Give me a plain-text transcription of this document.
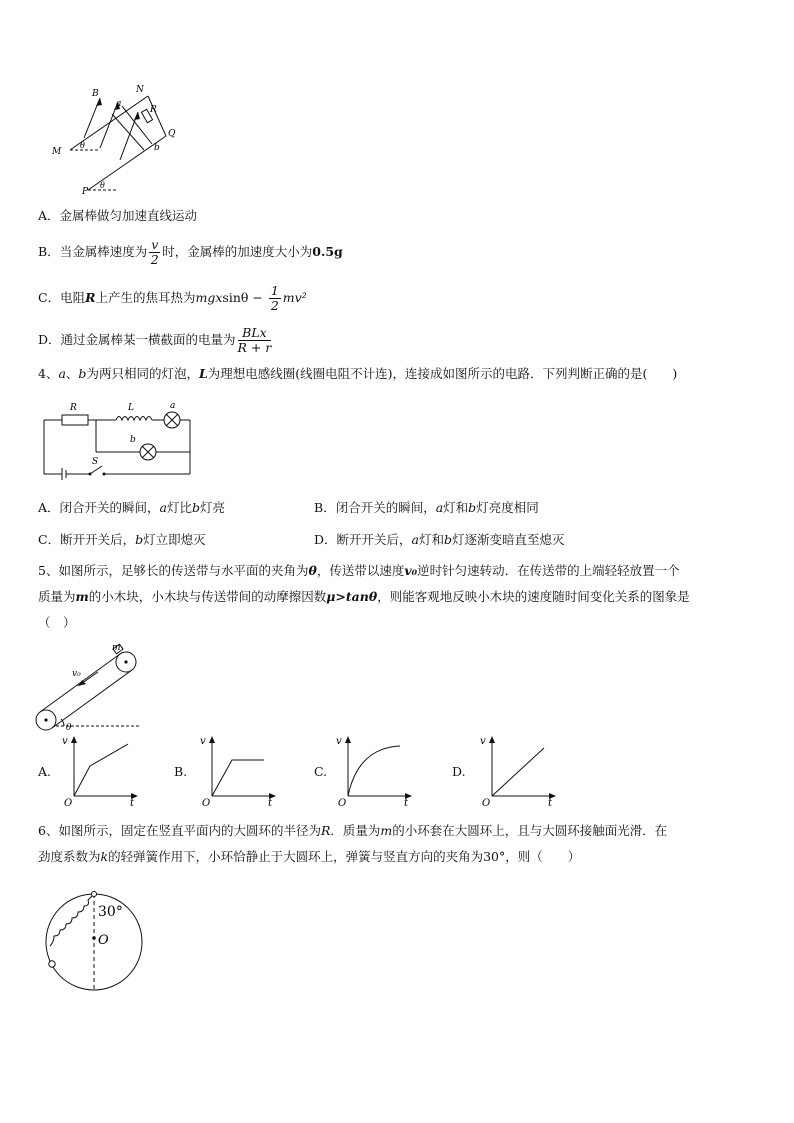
B
a
N
R
Q
M
θ	b
P
θ
A．金属棒做匀加速直线运动
B．当金属棒速度为 $\frac{v}{2}$ 时，金属棒的加速度大小为0.5g
C．电阻R上产生的焦耳热为$mgxsin\theta - \frac{1}{2} mv^2$
D．通过金属棒某一横截面的电量为 $\frac{\text{BLx}}{R + r}$
4、a、b为两只相同的灯泡，L为理想电感线圈(线圈电阻不计连)，连接成如图所示的电路．下列判断正确的是(　　)
R	L	a
b
S
A．闭合开关的瞬间，a灯比b灯亮	B．闭合开关的瞬间，a灯和b灯亮度相同
C．断开开关后，b灯立即熄灭	D．断开开关后，a灯和b灯逐渐变暗直至熄灭
5、如图所示，足够长的传送带与水平面的夹角为θ，传送带以速度v₀逆时针匀速转动．在传送带的上端轻轻放置一个
质量为m的小木块，小木块与传送带间的动摩擦因数μ>tanθ，则能客观地反映小木块的速度随时间变化关系的图象是
（　）
m
v₀
θ
A.
v
O	t
B.
v
O	t
C.
v
O	t
D.
v
O	t
6、如图所示，固定在竖直平面内的大圆环的半径为R．质量为m的小环套在大圆环上，且与大圆环接触面光滑．在
劲度系数为k的轻弹簧作用下，小环恰静止于大圆环上，弹簧与竖直方向的夹角为30°，则（　　）
30°
O
